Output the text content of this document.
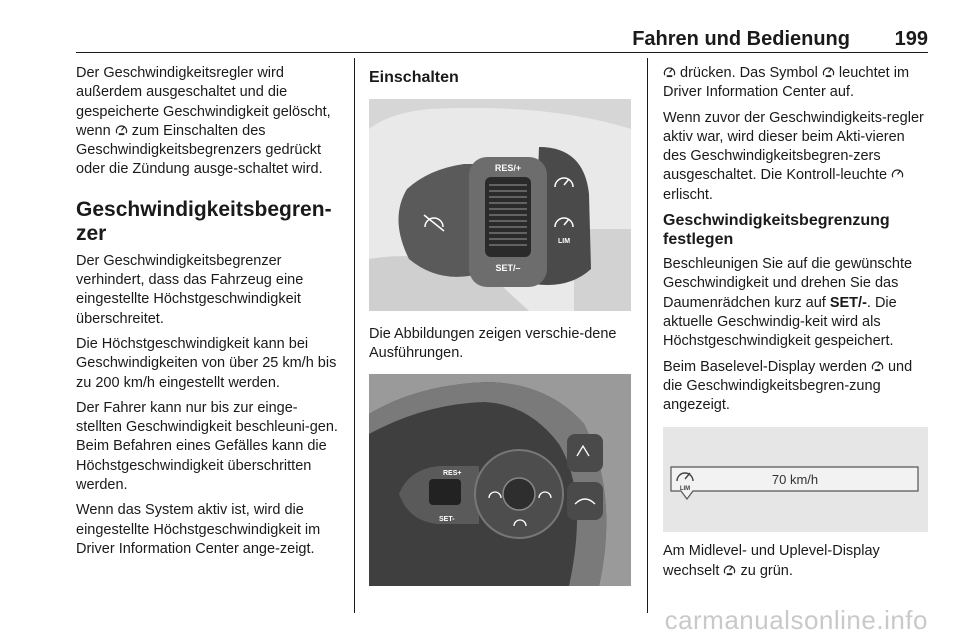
Fahren und Bedienung 199

Der Geschwindigkeitsregler wird außerdem ausgeschaltet und die gespeicherte Geschwindigkeit gelöscht, wenn
zum Einschalten des Geschwindigkeitsbegrenzers gedrückt oder die Zündung ausge-schaltet wird.

Geschwindigkeitsbegren-zer

Der Geschwindigkeitsbegrenzer verhindert, dass das Fahrzeug eine eingestellte Höchstgeschwindigkeit überschreitet.

Die Höchstgeschwindigkeit kann bei Geschwindigkeiten von über 25 km/h bis zu 200 km/h eingestellt werden.

Der Fahrer kann nur bis zur einge-stellten Geschwindigkeit beschleuni-gen. Beim Befahren eines Gefälles kann die Höchstgeschwindigkeit überschritten werden.

Wenn das System aktiv ist, wird die eingestellte Höchstgeschwindigkeit im Driver Information Center ange-zeigt.

Einschalten
RES/+
SET/–
LIM

Die Abbildungen zeigen verschie-dene Ausführungen.

RES+
SET-

drücken. Das Symbol
leuchtet im Driver Information Center auf.

Wenn zuvor der Geschwindigkeits-regler aktiv war, wird dieser beim Akti-vieren des Geschwindigkeitsbegren-zers ausgeschaltet. Die Kontroll-leuchte
erlischt.

Geschwindigkeitsbegrenzung festlegen

Beschleunigen Sie auf die gewünschte Geschwindigkeit und drehen Sie das Daumenrädchen kurz auf SET/-. Die aktuelle Geschwindig-keit wird als Höchstgeschwindigkeit gespeichert.

Beim Baselevel-Display werden
und die Geschwindigkeitsbegren-zung angezeigt.

LIM
70 km/h

Am Midlevel- und Uplevel-Display wechselt
zu grün.

carmanualsonline.info
